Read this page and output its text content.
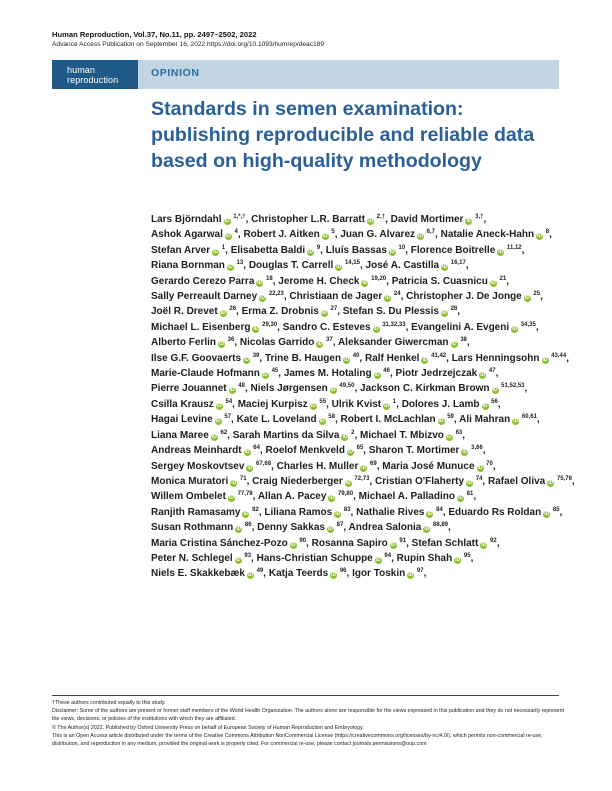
Human Reproduction, Vol.37, No.11, pp. 2497–2502, 2022
Advance Access Publication on September 16, 2022 https://doi.org/10.1093/humrep/deac189
human
reproduction
OPINION
Standards in semen examination: publishing reproducible and reliable data based on high-quality methodology

Lars Björndahl iD $^{1,*,\dagger}$, Christopher L.R. Barratt iD $^{2,\dagger}$, David Mortimer iD $^{3,\dagger}$, Ashok Agarwal iD $^4$, Robert J. Aitken iD $^5$, Juan G. Alvarez iD $^{6,7}$, Natalie Aneck-Hahn iD $^8$, Stefan Arver iD $^1$, Elisabetta Baldi iD $^9$, Lluís Bassas iD $^{10}$, Florence Boitrelle iD $^{11,12}$, Riana Bornman iD $^{13}$, Douglas T. Carrell iD $^{14,15}$, José A. Castilla iD $^{16,17}$, Gerardo Cerezo Parra iD $^{18}$, Jerome H. Check iD $^{19,20}$, Patricia S. Cuasnicu iD $^{21}$, Sally Perreault Darney iD $^{22,23}$, Christiaan de Jager iD $^{24}$, Christopher J. De Jonge iD $^{25}$, Joël R. Drevet iD $^{26}$, Erma Z. Drobnis iD $^{27}$, Stefan S. Du Plessis iD $^{28}$, Michael L. Eisenberg iD $^{29,30}$, Sandro C. Esteves iD $^{31,32,33}$, Evangelini A. Evgeni iD $^{34,35}$, Alberto Ferlin iD $^{36}$, Nicolas Garrido iD $^{37}$, Aleksander Giwercman iD $^{38}$, Ilse G.F. Goovaerts iD $^{39}$, Trine B. Haugen iD $^{40}$, Ralf Henkel iD $^{41,42}$, Lars Henningsohn iD $^{43,44}$, Marie-Claude Hofmann iD $^{45}$, James M. Hotaling iD $^{46}$, Piotr Jedrzejczak iD $^{47}$, Pierre Jouannet iD $^{48}$, Niels Jørgensen iD $^{49,50}$, Jackson C. Kirkman Brown iD $^{51,52,53}$, Csilla Krausz iD $^{54}$, Maciej Kurpisz iD $^{55}$, Ulrik Kvist iD $^1$, Dolores J. Lamb iD $^{56}$, Hagai Levine iD $^{57}$, Kate L. Loveland iD $^{58}$, Robert I. McLachlan iD $^{59}$, Ali Mahran iD $^{60,61}$, Liana Maree iD $^{62}$, Sarah Martins da Silva iD $^2$, Michael T. Mbizvo iD $^{63}$, Andreas Meinhardt iD $^{64}$, Roelof Menkveld iD $^{65}$, Sharon T. Mortimer iD $^{3,66}$, Sergey Moskovtsev iD $^{67,68}$, Charles H. Muller iD $^{69}$, Maria José Munuce iD $^{70}$, Monica Muratori iD $^{71}$, Craig Niederberger iD $^{72,73}$, Cristian O'Flaherty iD $^{74}$, Rafael Oliva iD $^{75,76}$, Willem Ombelet iD $^{77,78}$, Allan A. Pacey iD $^{79,80}$, Michael A. Palladino iD $^{81}$, Ranjith Ramasamy iD $^{82}$, Liliana Ramos iD $^{83}$, Nathalie Rives iD $^{84}$, Eduardo Rs Roldan iD $^{85}$, Susan Rothmann iD $^{86}$, Denny Sakkas iD $^{87}$, Andrea Salonia iD $^{88,89}$, Maria Cristina Sánchez-Pozo iD $^{90}$, Rosanna Sapiro iD $^{91}$, Stefan Schlatt iD $^{92}$, Peter N. Schlegel iD $^{93}$, Hans-Christian Schuppe iD $^{94}$, Rupin Shah iD $^{95}$, Niels E. Skakkebæk iD $^{49}$, Katja Teerds iD $^{96}$, Igor Toskin iD $^{97}$,

†These authors contributed equally to this study.

Disclaimer: Some of the authors are present or former staff members of the World Health Organization. The authors alone are responsible for the views expressed in this publication and they do not necessarily represent the views, decisions, or policies of the institutions with which they are affiliated.

© The Author(s) 2022. Published by Oxford University Press on behalf of European Society of Human Reproduction and Embryology.

This is an Open Access article distributed under the terms of the Creative Commons Attribution NonCommercial License (https://creativecommons.org/licenses/by-nc/4.0/), which permits non-commercial re-use, distribution, and reproduction in any medium, provided the original work is properly cited. For commercial re-use, please contact journals.permissions@oup.com
